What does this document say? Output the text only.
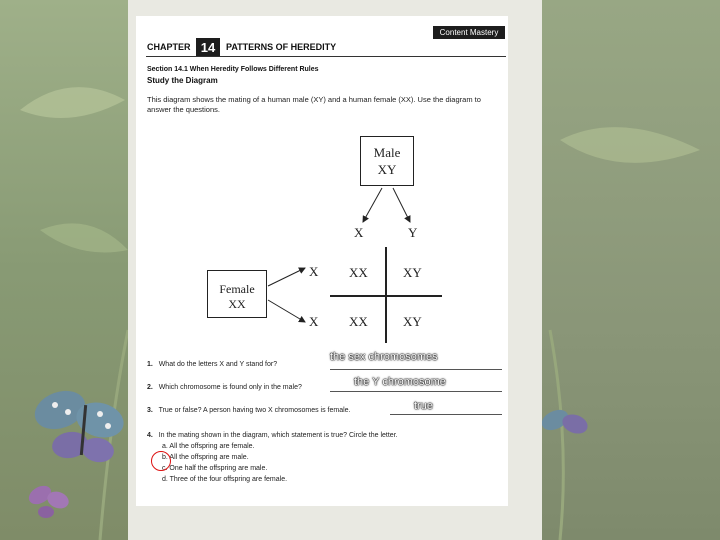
Content Mastery
CHAPTER 14	PATTERNS OF HEREDITY
Section 14.1 When Heredity Follows Different Rules
Study the Diagram
This diagram shows the mating of a human male (XY) and a human female (XX). Use the diagram to answer the questions.
Male
XY
Female
XX
X	Y
X
X
XX	XY
XX	XY
1. What do the letters X and Y stand for?
the sex chromosomes
2. Which chromosome is found only in the male?	the Y chromosome
3. True or false? A person having two X chromosomes is female.	true
4. In the mating shown in the diagram, which statement is true? Circle the letter.
a. All the offspring are female.
b. All the offspring are male.
c. One half the offspring are male.
d. Three of the four offspring are female.
